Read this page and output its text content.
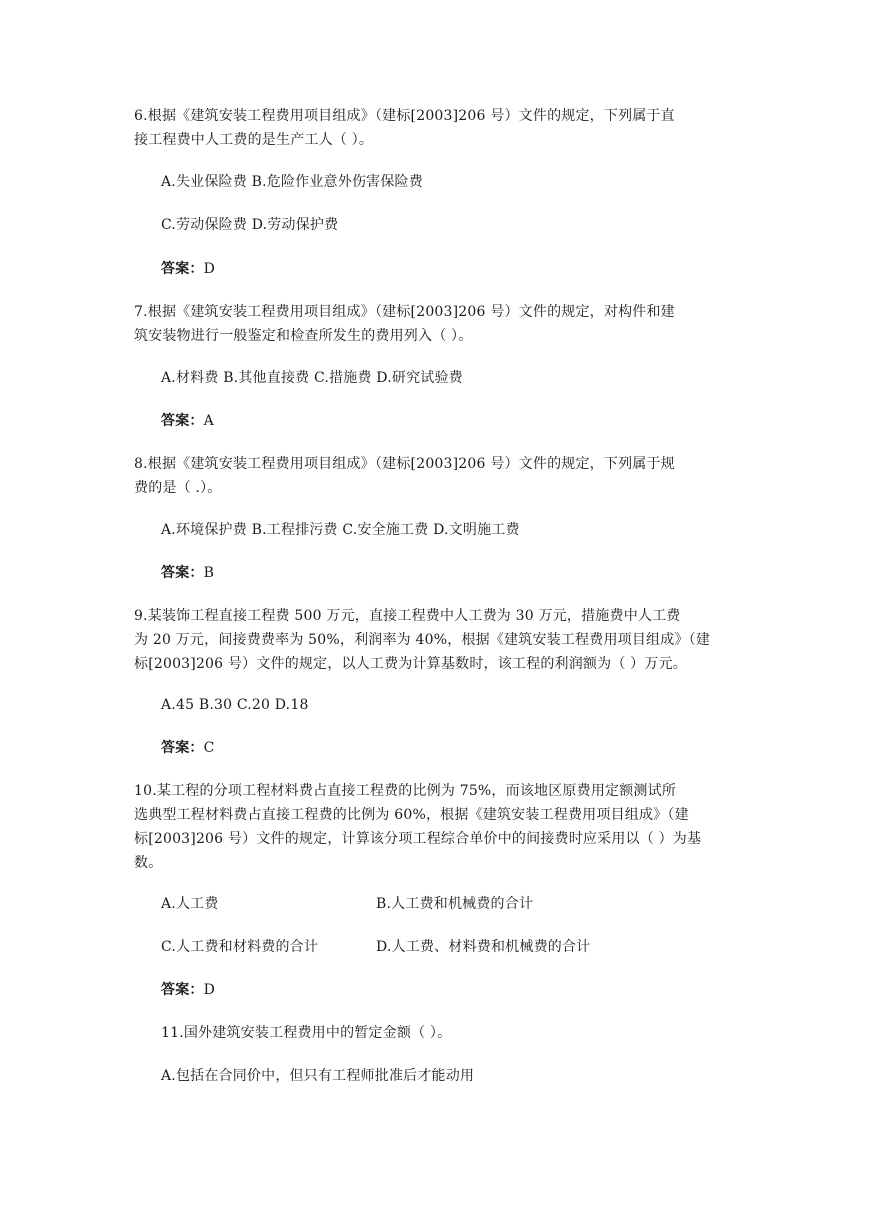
6.根据《建筑安装工程费用项目组成》（建标[2003]206 号）文件的规定，下列属于直

接工程费中人工费的是生产工人（ ）。

A.失业保险费 B.危险作业意外伤害保险费

C.劳动保险费 D.劳动保护费

答案：D

7.根据《建筑安装工程费用项目组成》（建标[2003]206 号）文件的规定，对构件和建

筑安装物进行一般鉴定和检查所发生的费用列入（ ）。

A.材料费 B.其他直接费 C.措施费 D.研究试验费

答案：A

8.根据《建筑安装工程费用项目组成》（建标[2003]206 号）文件的规定，下列属于规

费的是（ .）。

A.环境保护费 B.工程排污费 C.安全施工费 D.文明施工费

答案：B

9.某装饰工程直接工程费 500 万元，直接工程费中人工费为 30 万元，措施费中人工费

为 20 万元，间接费费率为 50%，利润率为 40%，根据《建筑安装工程费用项目组成》（建

标[2003]206 号）文件的规定，以人工费为计算基数时，该工程的利润额为（ ）万元。

A.45 B.30 C.20 D.18

答案：C

10.某工程的分项工程材料费占直接工程费的比例为 75%，而该地区原费用定额测试所

选典型工程材料费占直接工程费的比例为 60%，根据《建筑安装工程费用项目组成》（建

标[2003]206 号）文件的规定，计算该分项工程综合单价中的间接费时应采用以（ ）为基

数。

A.人工费	B.人工费和机械费的合计

C.人工费和材料费的合计	D.人工费、材料费和机械费的合计

答案：D

11.国外建筑安装工程费用中的暂定金额（ ）。

A.包括在合同价中，但只有工程师批准后才能动用
